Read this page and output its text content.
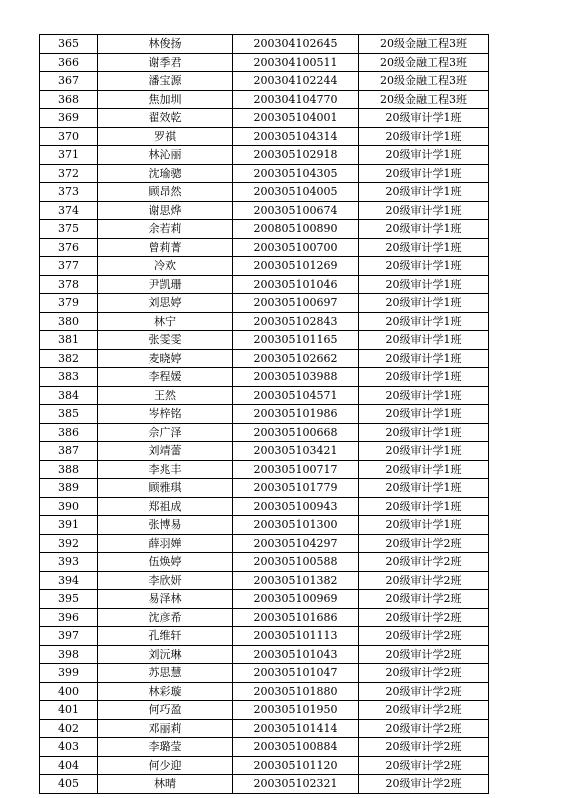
365	林俊扬	200304102645	20级金融工程3班
366	谢季君	200304100511	20级金融工程3班
367	潘宝源	200304102244	20级金融工程3班
368	焦加圳	200304104770	20级金融工程3班
369	翟效乾	200305104001	20级审计学1班
370	罗祺	200305104314	20级审计学1班
371	林沁丽	200305102918	20级审计学1班
372	沈瑜骢	200305104305	20级审计学1班
373	顾昂然	200305104005	20级审计学1班
374	谢思烨	200305100674	20级审计学1班
375	余若莉	200805100890	20级审计学1班
376	曾莉菁	200305100700	20级审计学1班
377	冷欢	200305101269	20级审计学1班
378	尹凯珊	200305101046	20级审计学1班
379	刘思婷	200305100697	20级审计学1班
380	林宁	200305102843	20级审计学1班
381	张雯雯	200305101165	20级审计学1班
382	麦晓婷	200305102662	20级审计学1班
383	李程媛	200305103988	20级审计学1班
384	王然	200305104571	20级审计学1班
385	岑梓铭	200305101986	20级审计学1班
386	佘广泽	200305100668	20级审计学1班
387	刘靖蕾	200305103421	20级审计学1班
388	李兆丰	200305100717	20级审计学1班
389	顾雅琪	200305101779	20级审计学1班
390	郑祖成	200305100943	20级审计学1班
391	张博易	200305101300	20级审计学1班
392	薛羽婵	200305104297	20级审计学2班
393	伍焕婷	200305100588	20级审计学2班
394	李欣妍	200305101382	20级审计学2班
395	易泽林	200305100969	20级审计学2班
396	沈彦希	200305101686	20级审计学2班
397	孔维轩	200305101113	20级审计学2班
398	刘沅琳	200305101043	20级审计学2班
399	苏思慧	200305101047	20级审计学2班
400	林彩璇	200305101880	20级审计学2班
401	何巧盈	200305101950	20级审计学2班
402	邓丽莉	200305101414	20级审计学2班
403	李璐莹	200305100884	20级审计学2班
404	何少迎	200305101120	20级审计学2班
405	林晴	200305102321	20级审计学2班
